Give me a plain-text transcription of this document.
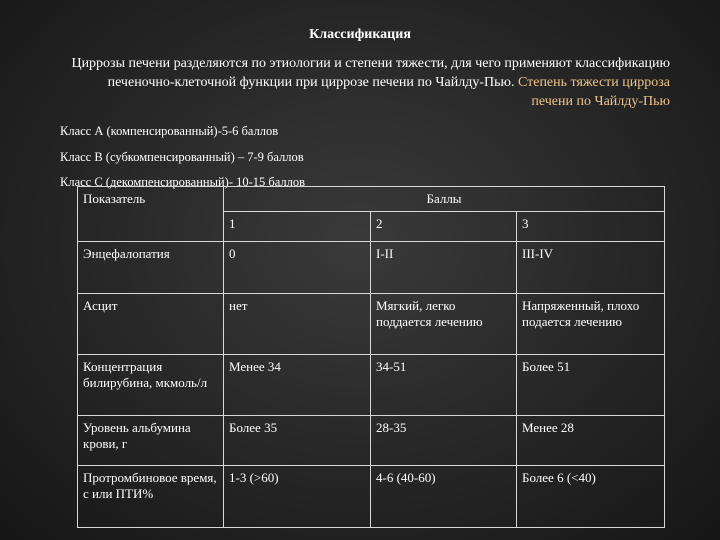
Классификация
Циррозы печени разделяются по этиологии и степени тяжести, для чего применяют классификацию печеночно-клеточной функции при циррозе печени по Чайлду-Пью. Степень тяжести цирроза печени по Чайлду-Пью
Класс А (компенсированный)-5-6 баллов
Класс В (субкомпенсированный) – 7-9 баллов
Класс С (декомпенсированный)- 10-15 баллов
Показатель	Баллы		
	1	2	3
Энцефалопатия	0	I-II	III-IV
Асцит	нет	Мягкий, легко поддается лечению	Напряженный, плохо подается лечению
Концентрация билирубина, мкмоль/л	Менее 34	34-51	Более 51
Уровень альбумина крови, г	Более 35	28-35	Менее 28
Протромбиновое время, с или ПТИ%	1-3 (>60)	4-6 (40-60)	Более 6 (<40)
